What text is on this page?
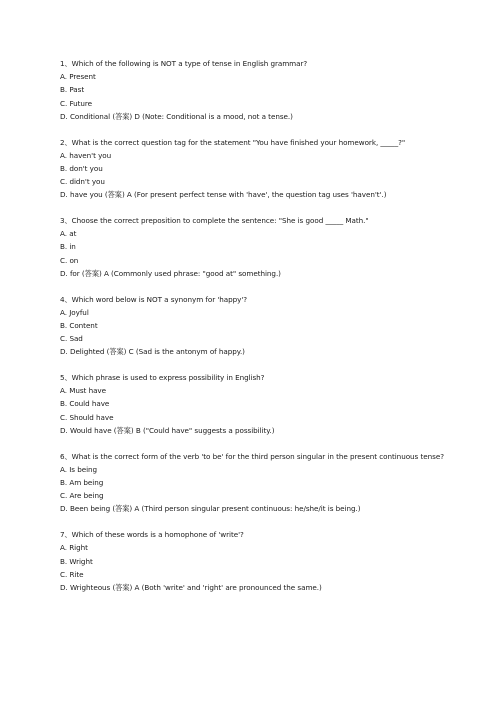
1、Which of the following is NOT a type of tense in English grammar?
A. Present
B. Past
C. Future
D. Conditional (答案) D (Note: Conditional is a mood, not a tense.)
2、What is the correct question tag for the statement "You have finished your homework, _____?"
A. haven't you
B. don't you
C. didn't you
D. have you (答案) A (For present perfect tense with 'have', the question tag uses 'haven't'.)
3、Choose the correct preposition to complete the sentence: "She is good _____ Math."
A. at
B. in
C. on
D. for (答案) A (Commonly used phrase: "good at" something.)
4、Which word below is NOT a synonym for 'happy'?
A. Joyful
B. Content
C. Sad
D. Delighted (答案) C (Sad is the antonym of happy.)
5、Which phrase is used to express possibility in English?
A. Must have
B. Could have
C. Should have
D. Would have (答案) B ("Could have" suggests a possibility.)
6、What is the correct form of the verb 'to be' for the third person singular in the present continuous tense?
A. Is being
B. Am being
C. Are being
D. Been being (答案) A (Third person singular present continuous: he/she/it is being.)
7、Which of these words is a homophone of 'write'?
A. Right
B. Wright
C. Rite
D. Wrighteous (答案) A (Both 'write' and 'right' are pronounced the same.)
